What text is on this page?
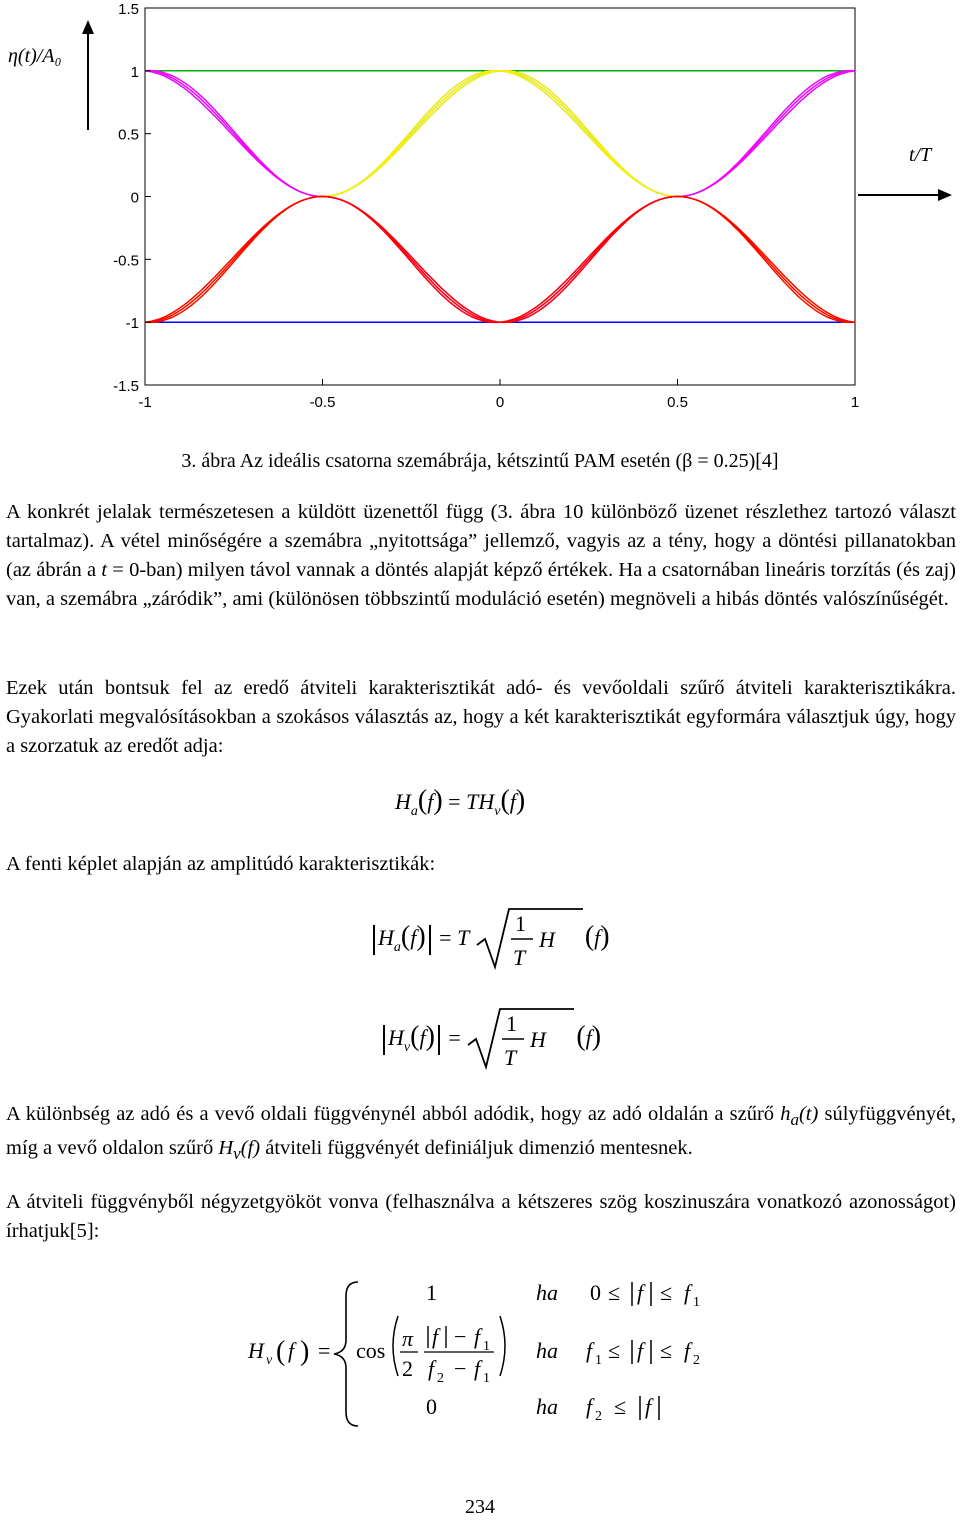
-1	-0.5	0	0.5	1
1.5
1
0.5
0
-0.5
-1
-1.5
η(t)/A₀
t/T
3. ábra Az ideális csatorna szemábrája, kétszintű PAM esetén (β = 0.25)[4]

A konkrét jelalak természetesen a küldött üzenettől függ (3. ábra 10 különböző üzenet részlethez tartozó választ tartalmaz). A vétel minőségére a szemábra „nyitottsága” jellemző, vagyis az a tény, hogy a döntési pillanatokban (az ábrán a t = 0-ban) milyen távol vannak a döntés alapját képző értékek. Ha a csatornában lineáris torzítás (és zaj) van, a szemábra „záródik”, ami (különösen többszintű moduláció esetén) megnöveli a hibás döntés valószínűségét.

Ezek után bontsuk fel az eredő átviteli karakterisztikát adó- és vevőoldali szűrő átviteli karakterisztikákra. Gyakorlati megvalósításokban a szokásos választás az, hogy a két karakterisztikát egyformára választjuk úgy, hogy a szorzatuk az eredőt adja:

$H_a(f) = TH_v(f)$

A fenti képlet alapján az amplitúdó karakterisztikák:

$H_a(f) = T$
1
T
H (f)
$H_v(f)$ =
1
T
H (f)

A különbség az adó és a vevő oldali függvénynél abból adódik, hogy az adó oldalán a szűrő $h_a(t)$ súlyfüggvényét, míg a vevő oldalon szűrő $H_v(f)$ átviteli függvényét definiáljuk dimenzió mentesnek.

A átviteli függvényből négyzetgyököt vonva (felhasználva a kétszeres szög koszinuszára vonatkozó azonosságot) írhatjuk[5]:

H v ( f ) =
1	ha 0 ≤ f ≤ f 1
cos π
2
f − f 1
f 2 − f 1
ha f 1 ≤ f ≤ f 2
0	ha f 2 ≤ f
234
